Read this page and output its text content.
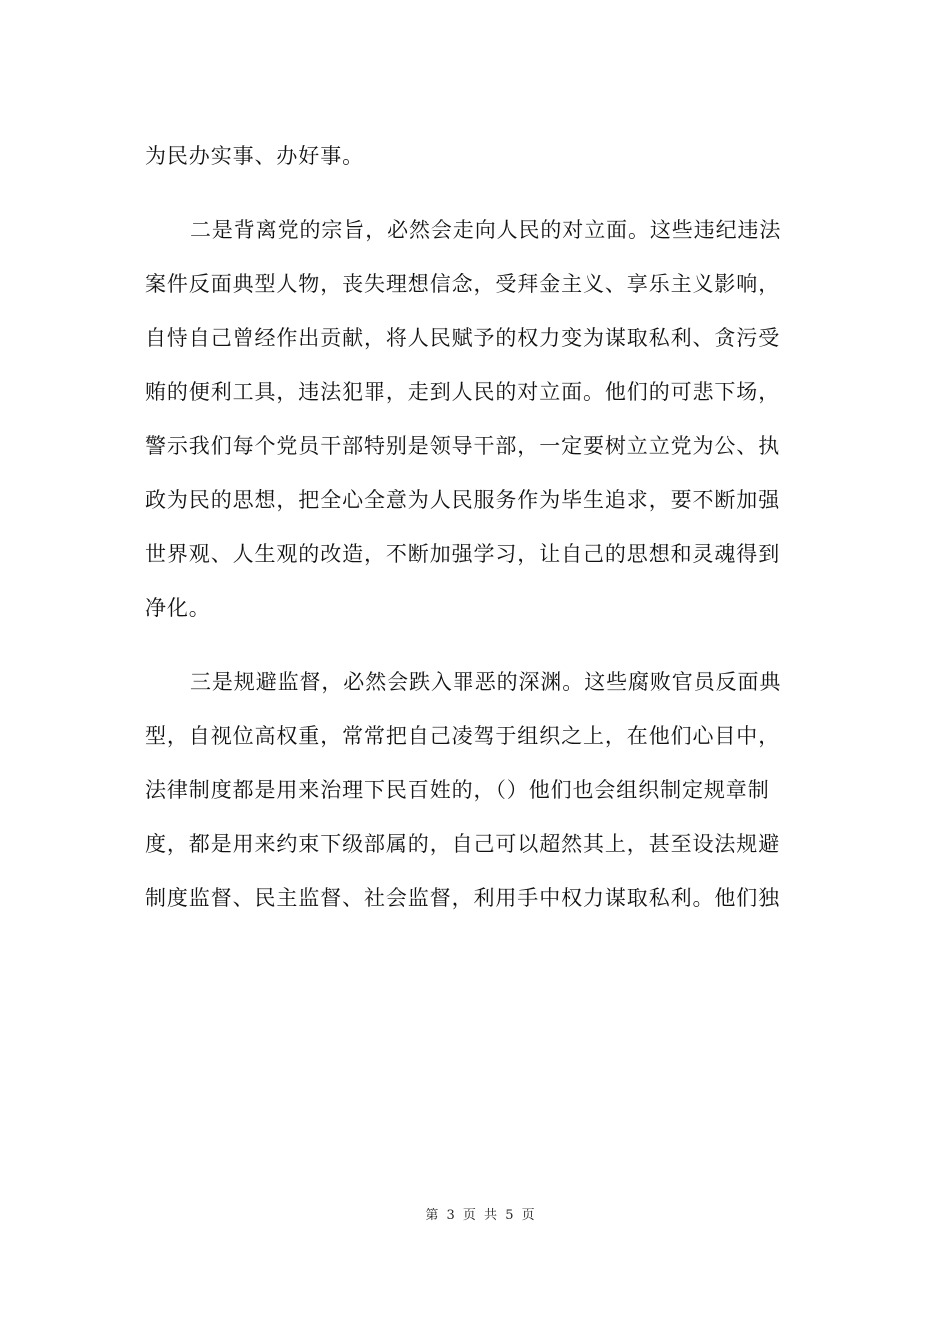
为民办实事、办好事。
二是背离党的宗旨，必然会走向人民的对立面。这些违纪违法
案件反面典型人物，丧失理想信念，受拜金主义、享乐主义影响，
自恃自己曾经作出贡献，将人民赋予的权力变为谋取私利、贪污受
贿的便利工具，违法犯罪，走到人民的对立面。他们的可悲下场，
警示我们每个党员干部特别是领导干部，一定要树立立党为公、执
政为民的思想，把全心全意为人民服务作为毕生追求，要不断加强
世界观、人生观的改造，不断加强学习，让自己的思想和灵魂得到
净化。
三是规避监督，必然会跌入罪恶的深渊。这些腐败官员反面典
型，自视位高权重，常常把自己凌驾于组织之上，在他们心目中，
法律制度都是用来治理下民百姓的，（）他们也会组织制定规章制
度，都是用来约束下级部属的，自己可以超然其上，甚至设法规避
制度监督、民主监督、社会监督，利用手中权力谋取私利。他们独
第 3 页 共 5 页
